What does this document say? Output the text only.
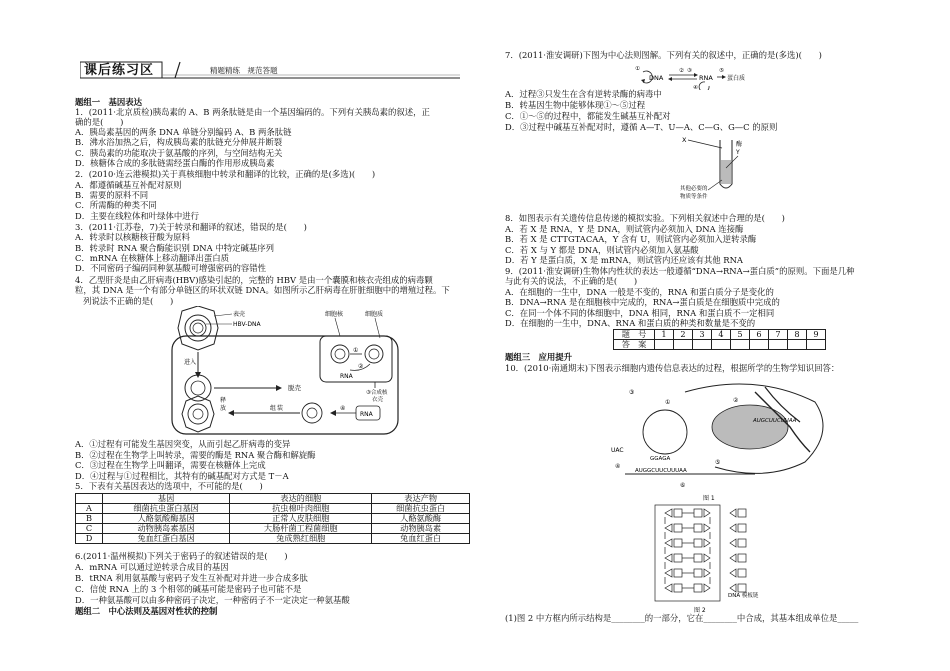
课后练习区	精题精练　规范答题
题组一　基因表达
1．(2011·北京质检)胰岛素的 A、B 两条肽链是由一个基因编码的。下列有关胰岛素的叙述，正
确的是(　　)
A．胰岛素基因的两条 DNA 单链分别编码 A、B 两条肽链
B．沸水浴加热之后，构成胰岛素的肽链充分伸展并断裂
C．胰岛素的功能取决于氨基酸的序列，与空间结构无关
D．核糖体合成的多肽链需经蛋白酶的作用形成胰岛素
2．(2010·连云港模拟)关于真核细胞中转录和翻译的比较，正确的是(多选)(　　)
A．都遵循碱基互补配对原则
B．需要的原料不同
C．所需酶的种类不同
D．主要在线粒体和叶绿体中进行
3．(2011·江苏卷，7)关于转录和翻译的叙述，错误的是(　　)
A．转录时以核糖核苷酸为原料
B．转录时 RNA 聚合酶能识别 DNA 中特定碱基序列
C．mRNA 在核糖体上移动翻译出蛋白质
D．不同密码子编码同种氨基酸可增强密码的容错性
4．乙型肝炎是由乙肝病毒(HBV)感染引起的，完整的 HBV 是由一个囊膜和核衣壳组成的病毒颗
粒，其 DNA 是一个有部分单链区的环状双链 DNA。如图所示乙肝病毒在肝脏细胞中的增殖过程。下
列说法不正确的是(　　)
表壳
HBV-DNA
进入
脱壳
细胞核	细胞质
①
②
RNA
③合成核
衣壳
RNA
④
组 装
释
放
A．①过程有可能发生基因突变，从而引起乙肝病毒的变异
B．②过程在生物学上叫转录，需要的酶是 RNA 聚合酶和解旋酶
C．③过程在生物学上叫翻译，需要在核糖体上完成
D．④过程与①过程相比，其特有的碱基配对方式是 T－A
5．下表有关基因表达的选项中，不可能的是(　　)
	基因	表达的细胞	表达产物
A	细菌抗虫蛋白基因	抗虫棉叶肉细胞	细菌抗虫蛋白
B	人酪氨酸酶基因	正常人皮肤细胞	人酪氨酸酶
C	动物胰岛素基因	大肠杆菌工程菌细胞	动物胰岛素
D	兔血红蛋白基因	兔成熟红细胞	兔血红蛋白
6.(2011·温州模拟)下列关于密码子的叙述错误的是(　　)
A．mRNA 可以通过逆转录合成目的基因
B．tRNA 利用氨基酸与密码子发生互补配对并进一步合成多肽
C．信使 RNA 上的 3 个相邻的碱基可能是密码子也可能不是
D．一种氨基酸可以由多种密码子决定，一种密码子不一定决定一种氨基酸
题组二　中心法则及基因对性状的控制
7．(2011·淮安调研)下图为中心法则图解。下列有关的叙述中，正确的是(多选)(　　)
①
DNA
② ③
RNA 蛋白质
④
⑤
A．过程③只发生在含有逆转录酶的病毒中
B．转基因生物中能够体现①～⑤过程
C．①～⑤的过程中，都能发生碱基互补配对
D．③过程中碱基互补配对时，遵循 A—T、U—A、C—G、G—C 的原则
X
酶
Y
其他必要的
物质等条件
8．如图表示有关遗传信息传递的模拟实验。下列相关叙述中合理的是(　　)
A．若 X 是 RNA，Y 是 DNA，则试管内必须加入 DNA 连接酶
B．若 X 是 CTTGTACAA，Y 含有 U，则试管内必须加入逆转录酶
C．若 X 与 Y 都是 DNA，则试管内必须加入氨基酸
D．若 Y 是蛋白质，X 是 mRNA，则试管内还应该有其他 RNA
9．(2011·淮安调研)生物体内性状的表达一般遵循“DNA→RNA→蛋白质”的原则。下面是几种
与此有关的说法，不正确的是(　　)
A．在细胞的一生中，DNA 一般是不变的，RNA 和蛋白质分子是变化的
B．DNA→RNA 是在细胞核中完成的，RNA→蛋白质是在细胞质中完成的
C．在同一个体不同的体细胞中，DNA 相同，RNA 和蛋白质不一定相同
D．在细胞的一生中，DNA、RNA 和蛋白质的种类和数量是不变的
题　号	1	2	3	4	5	6	7	8	9
答　案									
题组三　应用提升
10．(2010·南通期末)下图表示细胞内遗传信息表达的过程，根据所学的生物学知识回答：
AUGCUUCUUAA
①	②
③
UAC
GGAGA
④
AUGGCUUCUUUAA
⑤
⑥
图 1
DNA 模板链
图 2
(1)图 2 中方框内所示结构是________的一部分，它在________中合成，其基本组成单位是_____
